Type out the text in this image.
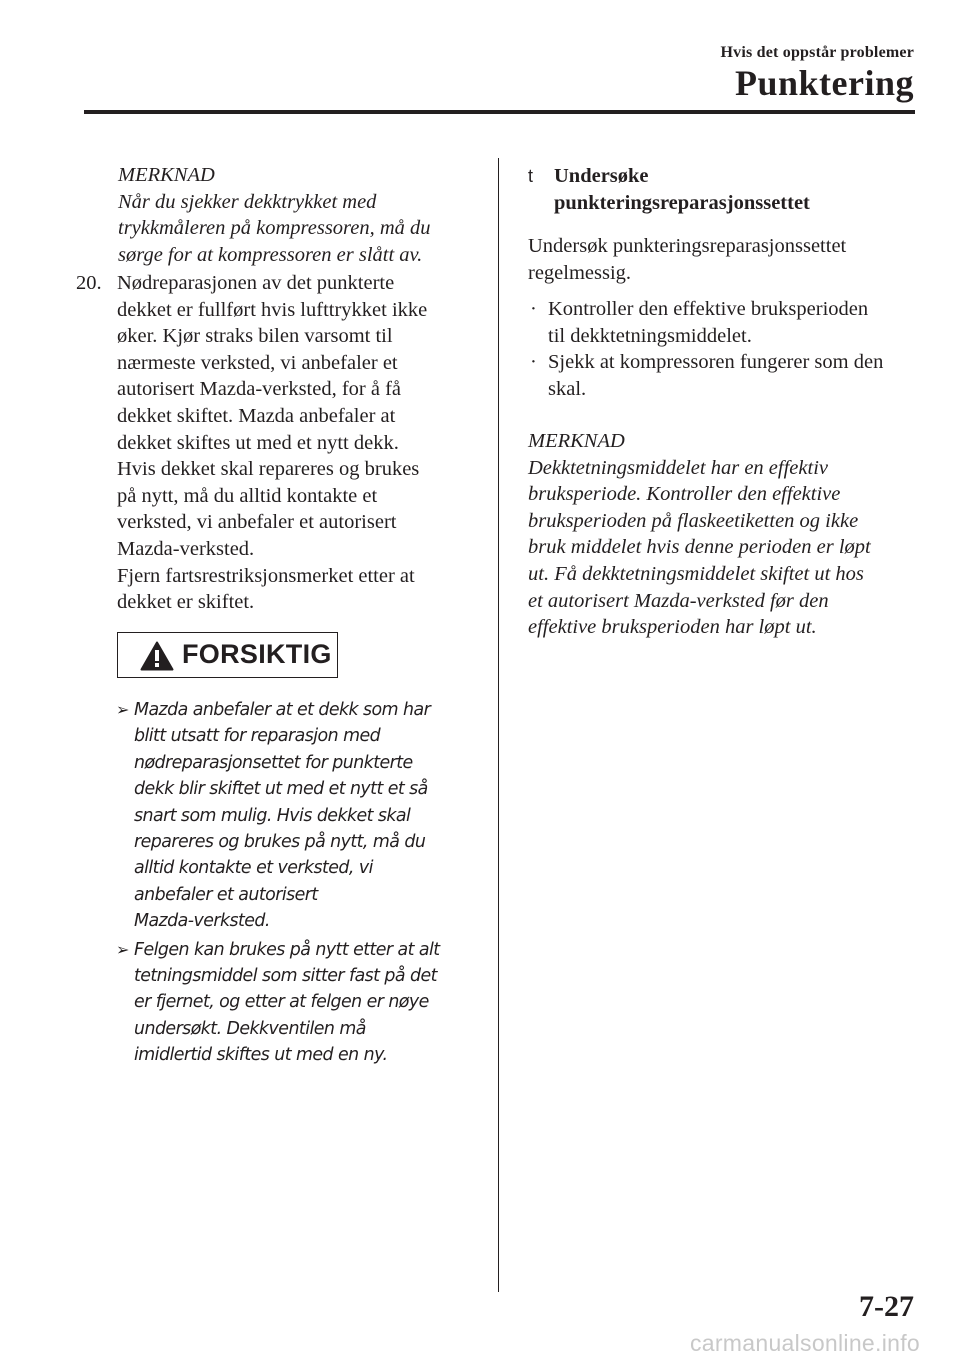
Hvis det oppstår problemer
Punktering
MERKNAD
Når du sjekker dekktrykket med
trykkmåleren på kompressoren, må du
sørge for at kompressoren er slått av.
20. Nødreparasjonen av det punkterte
dekket er fullført hvis lufttrykket ikke
øker. Kjør straks bilen varsomt til
nærmeste verksted, vi anbefaler et
autorisert Mazda-verksted, for å få
dekket skiftet. Mazda anbefaler at
dekket skiftes ut med et nytt dekk.
Hvis dekket skal repareres og brukes
på nytt, må du alltid kontakte et
verksted, vi anbefaler et autorisert
Mazda-verksted.
Fjern fartsrestriksjonsmerket etter at
dekket er skiftet.
FORSIKTIG
➢ Mazda anbefaler at et dekk som har
blitt utsatt for reparasjon med
nødreparasjonsettet for punkterte
dekk blir skiftet ut med et nytt et så
snart som mulig. Hvis dekket skal
repareres og brukes på nytt, må du
alltid kontakte et verksted, vi
anbefaler et autorisert
Mazda-verksted.
➢ Felgen kan brukes på nytt etter at alt
tetningsmiddel som sitter fast på det
er fjernet, og etter at felgen er nøye
undersøkt. Dekkventilen må
imidlertid skiftes ut med en ny.
t Undersøke
punkteringsreparasjonssettet
Undersøk punkteringsreparasjonssettet
regelmessig.
· Kontroller den effektive bruksperioden
til dekktetningsmiddelet.
· Sjekk at kompressoren fungerer som den
skal.
MERKNAD
Dekktetningsmiddelet har en effektiv
bruksperiode. Kontroller den effektive
bruksperioden på flaskeetiketten og ikke
bruk middelet hvis denne perioden er løpt
ut. Få dekktetningsmiddelet skiftet ut hos
et autorisert Mazda-verksted før den
effektive bruksperioden har løpt ut.
7-27
carmanualsonline.info
